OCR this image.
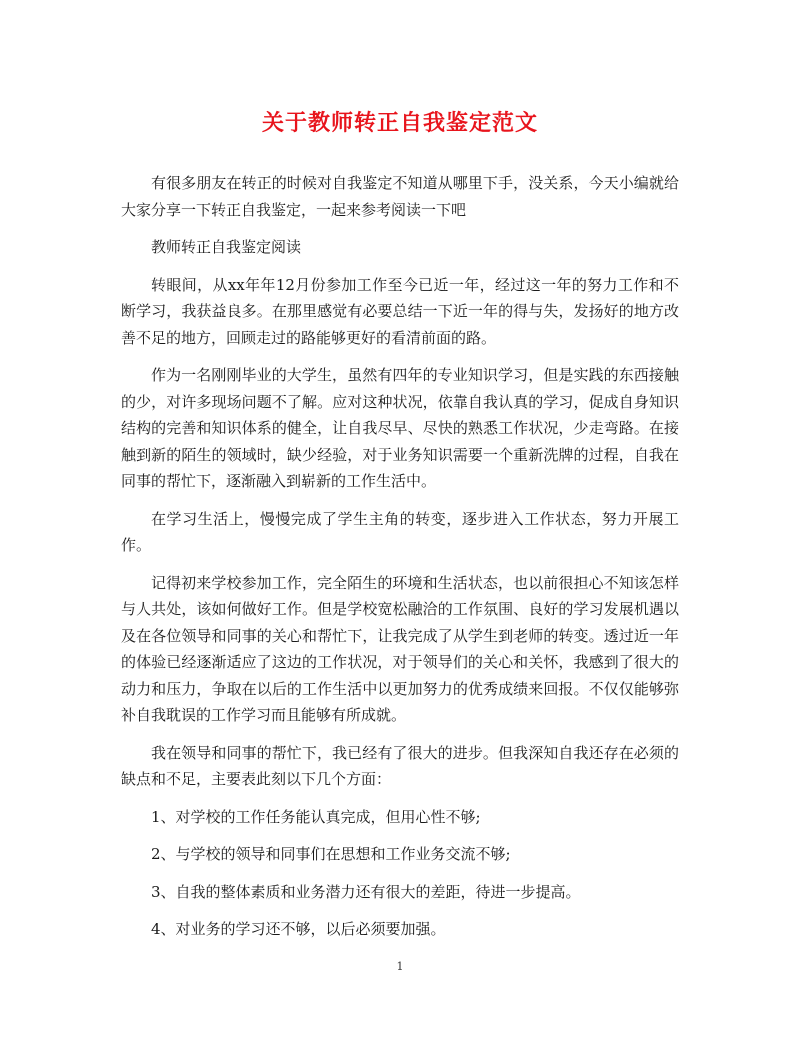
关于教师转正自我鉴定范文

有很多朋友在转正的时候对自我鉴定不知道从哪里下手，没关系，今天小编就给大家分享一下转正自我鉴定，一起来参考阅读一下吧

教师转正自我鉴定阅读

转眼间，从xx年年12月份参加工作至今已近一年，经过这一年的努力工作和不断学习，我获益良多。在那里感觉有必要总结一下近一年的得与失，发扬好的地方改善不足的地方，回顾走过的路能够更好的看清前面的路。

作为一名刚刚毕业的大学生，虽然有四年的专业知识学习，但是实践的东西接触的少，对许多现场问题不了解。应对这种状况，依靠自我认真的学习，促成自身知识结构的完善和知识体系的健全，让自我尽早、尽快的熟悉工作状况，少走弯路。在接触到新的陌生的领域时，缺少经验，对于业务知识需要一个重新洗牌的过程，自我在同事的帮忙下，逐渐融入到崭新的工作生活中。

在学习生活上，慢慢完成了学生主角的转变，逐步进入工作状态，努力开展工作。

记得初来学校参加工作，完全陌生的环境和生活状态，也以前很担心不知该怎样与人共处，该如何做好工作。但是学校宽松融洽的工作氛围、良好的学习发展机遇以及在各位领导和同事的关心和帮忙下，让我完成了从学生到老师的转变。透过近一年的体验已经逐渐适应了这边的工作状况，对于领导们的关心和关怀，我感到了很大的动力和压力，争取在以后的工作生活中以更加努力的优秀成绩来回报。不仅仅能够弥补自我耽误的工作学习而且能够有所成就。

我在领导和同事的帮忙下，我已经有了很大的进步。但我深知自我还存在必须的缺点和不足，主要表此刻以下几个方面：

1、对学校的工作任务能认真完成，但用心性不够;

2、与学校的领导和同事们在思想和工作业务交流不够;

3、自我的整体素质和业务潜力还有很大的差距，待进一步提高。

4、对业务的学习还不够，以后必须要加强。

1
